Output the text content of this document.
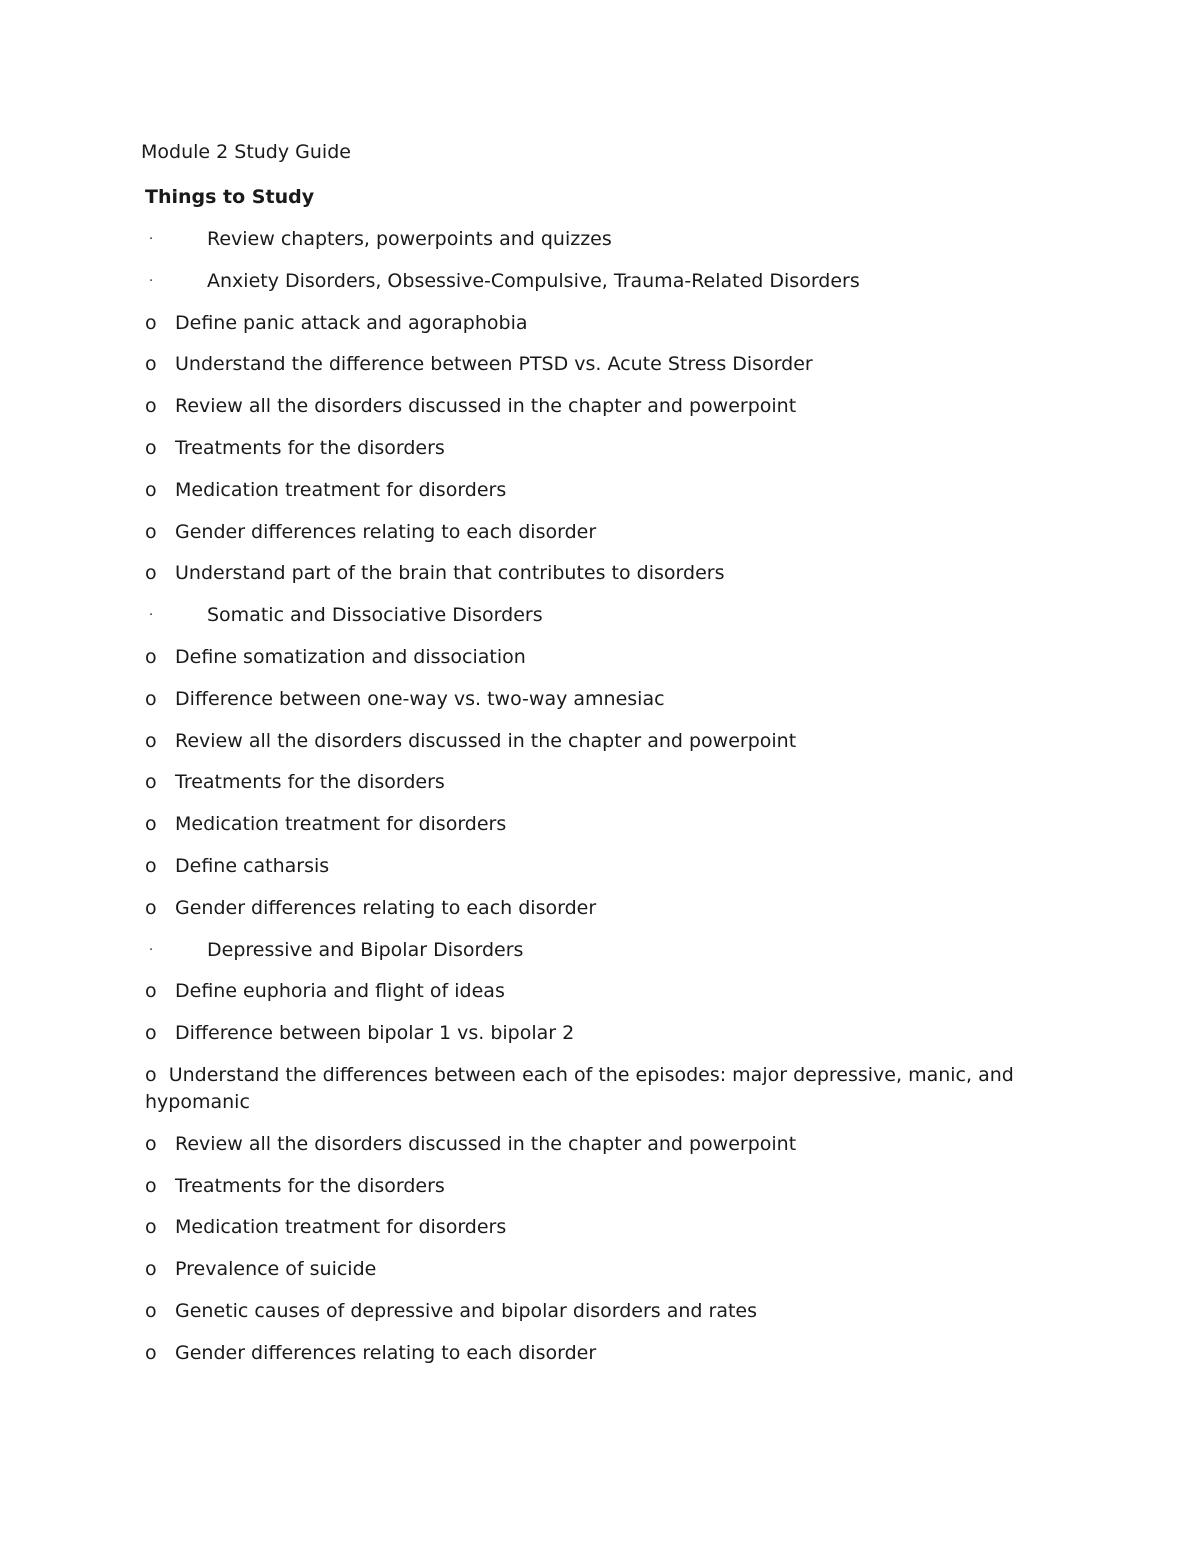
Module 2 Study Guide
Things to Study
·	Review chapters, powerpoints and quizzes
·	Anxiety Disorders, Obsessive-Compulsive, Trauma-Related Disorders
o Define panic attack and agoraphobia
o Understand the difference between PTSD vs. Acute Stress Disorder
o Review all the disorders discussed in the chapter and powerpoint
o Treatments for the disorders
o Medication treatment for disorders
o Gender differences relating to each disorder
o Understand part of the brain that contributes to disorders
·	Somatic and Dissociative Disorders
o Define somatization and dissociation
o Difference between one-way vs. two-way amnesiac
o Review all the disorders discussed in the chapter and powerpoint
o Treatments for the disorders
o Medication treatment for disorders
o Define catharsis
o Gender differences relating to each disorder
·	Depressive and Bipolar Disorders
o Define euphoria and flight of ideas
o Difference between bipolar 1 vs. bipolar 2
o Understand the differences between each of the episodes: major depressive, manic, and hypomanic
o Review all the disorders discussed in the chapter and powerpoint
o Treatments for the disorders
o Medication treatment for disorders
o Prevalence of suicide
o Genetic causes of depressive and bipolar disorders and rates
o Gender differences relating to each disorder
